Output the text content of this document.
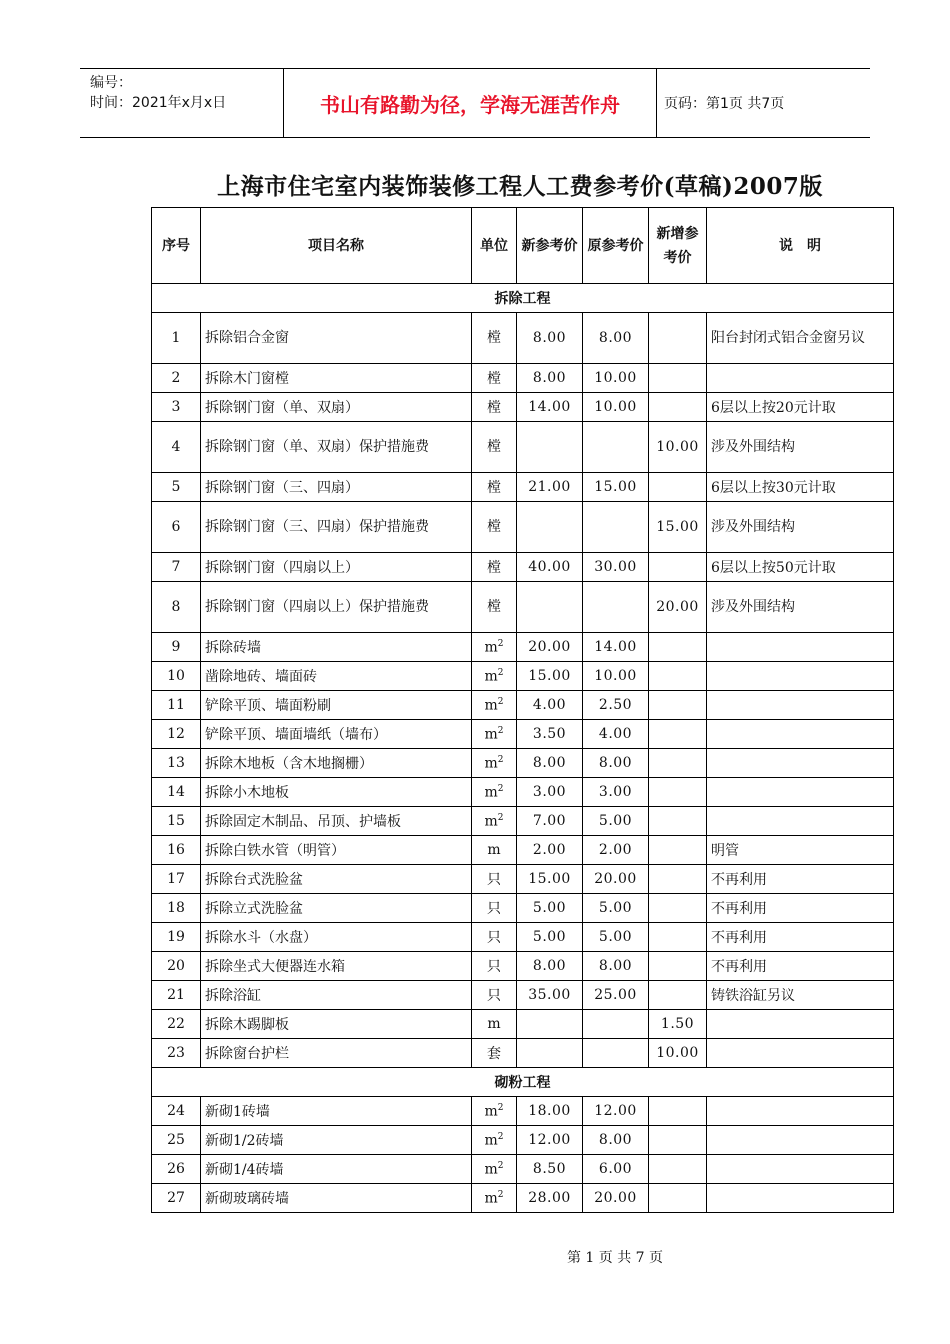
编号：
时间：2021年x月x日	书山有路勤为径，学海无涯苦作舟	页码：第1页 共7页
上海市住宅室内装饰装修工程人工费参考价(草稿)2007版
序号	项目名称	单位	新参考价	原参考价	新增参考价	说　明
拆除工程						
1	拆除铝合金窗	樘	8.00	8.00		阳台封闭式铝合金窗另议
2	拆除木门窗樘	樘	8.00	10.00		
3	拆除钢门窗（单、双扇）	樘	14.00	10.00		6层以上按20元计取
4	拆除钢门窗（单、双扇）保护措施费	樘			10.00	涉及外围结构
5	拆除钢门窗（三、四扇）	樘	21.00	15.00		6层以上按30元计取
6	拆除钢门窗（三、四扇）保护措施费	樘			15.00	涉及外围结构
7	拆除钢门窗（四扇以上）	樘	40.00	30.00		6层以上按50元计取
8	拆除钢门窗（四扇以上）保护措施费	樘			20.00	涉及外围结构
9	拆除砖墙	$m^2$	20.00	14.00		
10	凿除地砖、墙面砖	$m^2$	15.00	10.00		
11	铲除平顶、墙面粉刷	$m^2$	4.00	2.50		
12	铲除平顶、墙面墙纸（墙布）	$m^2$	3.50	4.00		
13	拆除木地板（含木地搁栅）	$m^2$	8.00	8.00		
14	拆除小木地板	$m^2$	3.00	3.00		
15	拆除固定木制品、吊顶、护墙板	$m^2$	7.00	5.00		
16	拆除白铁水管（明管）	m	2.00	2.00		明管
17	拆除台式洗脸盆	只	15.00	20.00		不再利用
18	拆除立式洗脸盆	只	5.00	5.00		不再利用
19	拆除水斗（水盘）	只	5.00	5.00		不再利用
20	拆除坐式大便器连水箱	只	8.00	8.00		不再利用
21	拆除浴缸	只	35.00	25.00		铸铁浴缸另议
22	拆除木踢脚板	m			1.50	
23	拆除窗台护栏	套			10.00	
砌粉工程						
24	新砌1砖墙	$m^2$	18.00	12.00		
25	新砌1/2砖墙	$m^2$	12.00	8.00		
26	新砌1/4砖墙	$m^2$	8.50	6.00		
27	新砌玻璃砖墙	$m^2$	28.00	20.00		
第 1 页 共 7 页
